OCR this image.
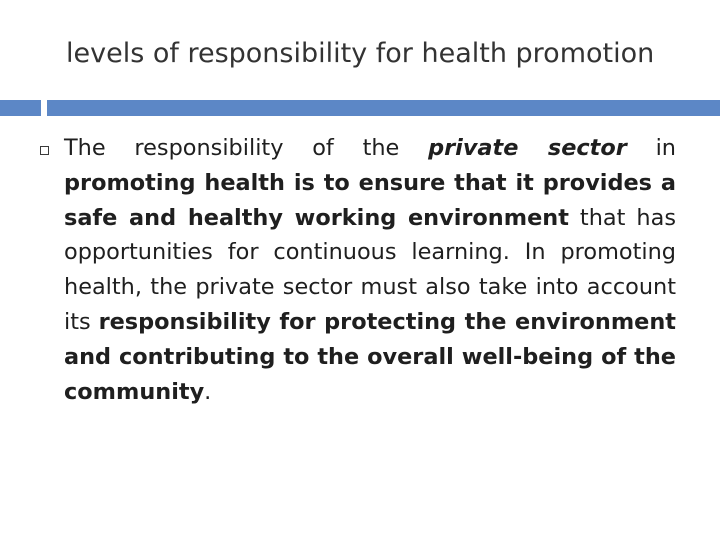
levels of responsibility for health promotion

The responsibility of the private sector in promoting health is to ensure that it provides a safe and healthy working environment that has opportunities for continuous learning. In promoting health, the private sector must also take into account its responsibility for protecting the environment and contributing to the overall well-being of the community.
